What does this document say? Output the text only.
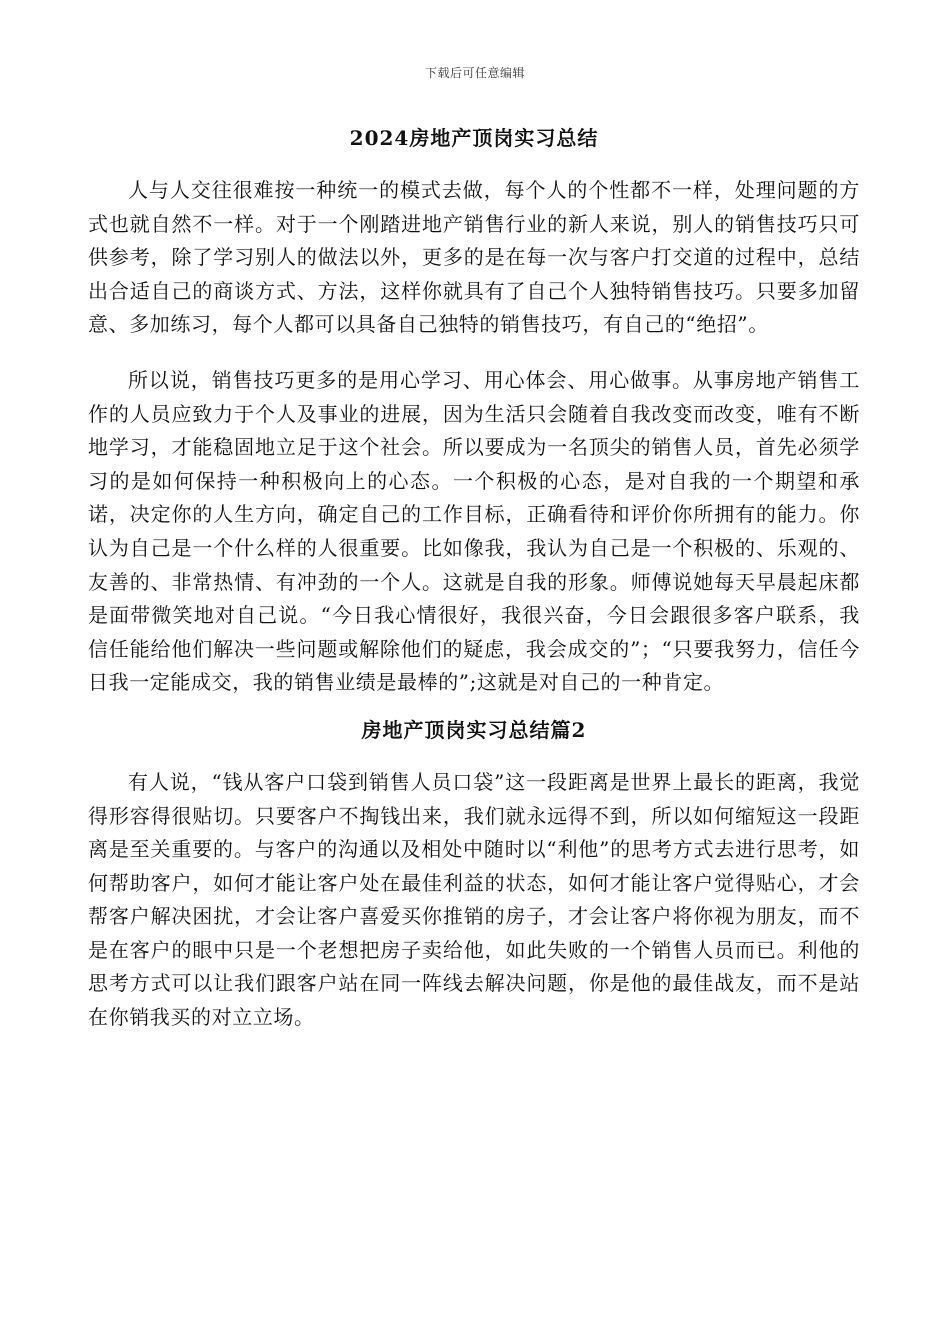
下载后可任意编辑
2024房地产顶岗实习总结

人与人交往很难按一种统一的模式去做，每个人的个性都不一样，处理问题的方式也就自然不一样。对于一个刚踏进地产销售行业的新人来说，别人的销售技巧只可供参考，除了学习别人的做法以外，更多的是在每一次与客户打交道的过程中，总结出合适自己的商谈方式、方法，这样你就具有了自己个人独特销售技巧。只要多加留意、多加练习，每个人都可以具备自己独特的销售技巧，有自己的“绝招”。

所以说，销售技巧更多的是用心学习、用心体会、用心做事。从事房地产销售工作的人员应致力于个人及事业的进展，因为生活只会随着自我改变而改变，唯有不断地学习，才能稳固地立足于这个社会。所以要成为一名顶尖的销售人员，首先必须学习的是如何保持一种积极向上的心态。一个积极的心态，是对自我的一个期望和承诺，决定你的人生方向，确定自己的工作目标，正确看待和评价你所拥有的能力。你认为自己是一个什么样的人很重要。比如像我，我认为自己是一个积极的、乐观的、友善的、非常热情、有冲劲的一个人。这就是自我的形象。师傅说她每天早晨起床都是面带微笑地对自己说。“今日我心情很好，我很兴奋，今日会跟很多客户联系，我信任能给他们解决一些问题或解除他们的疑虑，我会成交的”；“只要我努力，信任今日我一定能成交，我的销售业绩是最棒的”;这就是对自己的一种肯定。

房地产顶岗实习总结篇2

有人说，“钱从客户口袋到销售人员口袋”这一段距离是世界上最长的距离，我觉得形容得很贴切。只要客户不掏钱出来，我们就永远得不到，所以如何缩短这一段距离是至关重要的。与客户的沟通以及相处中随时以“利他”的思考方式去进行思考，如何帮助客户，如何才能让客户处在最佳利益的状态，如何才能让客户觉得贴心，才会帮客户解决困扰，才会让客户喜爱买你推销的房子，才会让客户将你视为朋友，而不是在客户的眼中只是一个老想把房子卖给他，如此失败的一个销售人员而已。利他的思考方式可以让我们跟客户站在同一阵线去解决问题，你是他的最佳战友，而不是站在你销我买的对立立场。
